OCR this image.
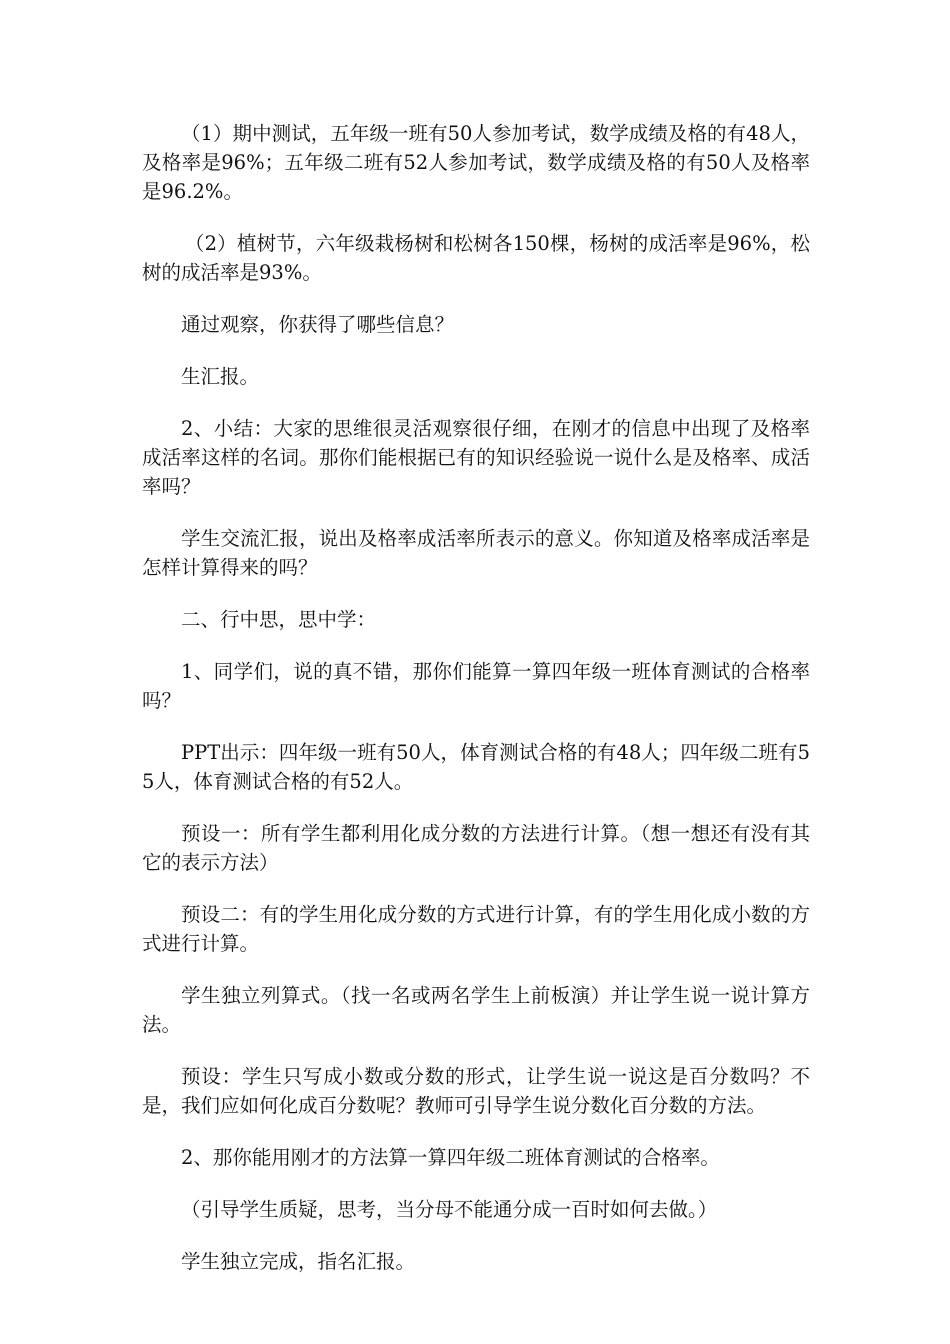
（1）期中测试，五年级一班有50人参加考试，数学成绩及格的有48人，及格率是96%；五年级二班有52人参加考试，数学成绩及格的有50人及格率是96.2%。

（2）植树节，六年级栽杨树和松树各150棵，杨树的成活率是96%，松树的成活率是93%。

通过观察，你获得了哪些信息？

生汇报。

2、小结：大家的思维很灵活观察很仔细，在刚才的信息中出现了及格率成活率这样的名词。那你们能根据已有的知识经验说一说什么是及格率、成活率吗？

学生交流汇报，说出及格率成活率所表示的意义。你知道及格率成活率是怎样计算得来的吗？

二、行中思，思中学：

1、同学们，说的真不错，那你们能算一算四年级一班体育测试的合格率吗？

PPT出示：四年级一班有50人，体育测试合格的有48人；四年级二班有55人，体育测试合格的有52人。

预设一：所有学生都利用化成分数的方法进行计算。（想一想还有没有其它的表示方法）

预设二：有的学生用化成分数的方式进行计算，有的学生用化成小数的方式进行计算。

学生独立列算式。（找一名或两名学生上前板演）并让学生说一说计算方法。

预设：学生只写成小数或分数的形式，让学生说一说这是百分数吗？不是，我们应如何化成百分数呢？教师可引导学生说分数化百分数的方法。

2、那你能用刚才的方法算一算四年级二班体育测试的合格率。

（引导学生质疑，思考，当分母不能通分成一百时如何去做。）

学生独立完成，指名汇报。
